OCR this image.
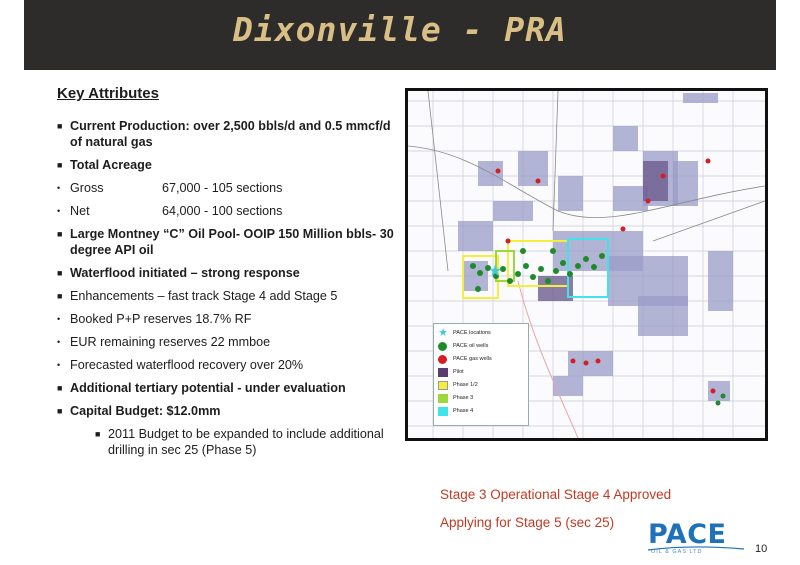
Dixonville - PRA
Key Attributes
■ Current Production: over 2,500 bbls/d and 0.5 mmcf/d of natural gas
■ Total Acreage
• Gross	67,000 - 105 sections
• Net	64,000 - 100 sections
■ Large Montney “C” Oil Pool- OOIP 150 Million bbls- 30 degree API oil
■ Waterflood initiated – strong response
■ Enhancements – fast track Stage 4 add Stage 5
• Booked P+P reserves 18.7% RF
• EUR remaining reserves 22 mmboe
• Forecasted waterflood recovery over 20%
■ Additional tertiary potential - under evaluation
■ Capital Budget: $12.0mm
■ 2011 Budget to be expanded to include additional drilling in sec 25 (Phase 5)
★
★ PACE locations
PACE oil wells
PACE gas wells
Pilot
Phase 1/2
Phase 3
Phase 4
Stage 3 Operational Stage 4 Approved
Applying for Stage 5 (sec 25) PACE
OIL & GAS LTD	10
